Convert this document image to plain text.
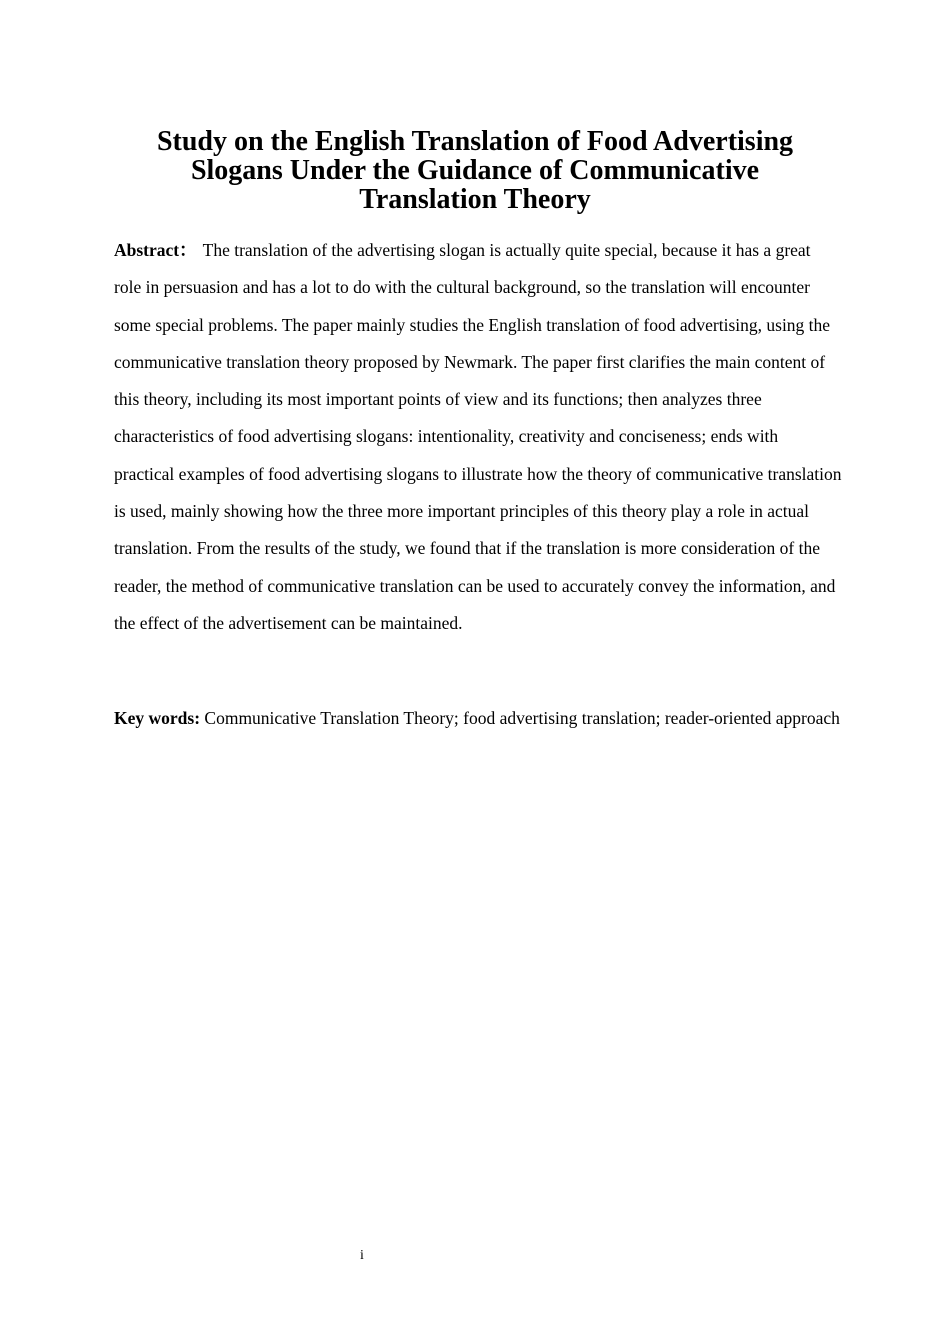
Study on the English Translation of Food Advertising Slogans Under the Guidance of Communicative Translation Theory

Abstract： The translation of the advertising slogan is actually quite special, because it has a great role in persuasion and has a lot to do with the cultural background, so the translation will encounter some special problems. The paper mainly studies the English translation of food advertising, using the communicative translation theory proposed by Newmark. The paper first clarifies the main content of this theory, including its most important points of view and its functions; then analyzes three characteristics of food advertising slogans: intentionality, creativity and conciseness; ends with practical examples of food advertising slogans to illustrate how the theory of communicative translation is used, mainly showing how the three more important principles of this theory play a role in actual translation. From the results of the study, we found that if the translation is more consideration of the reader, the method of communicative translation can be used to accurately convey the information, and the effect of the advertisement can be maintained.

Key words: Communicative Translation Theory; food advertising translation; reader-oriented approach

i
